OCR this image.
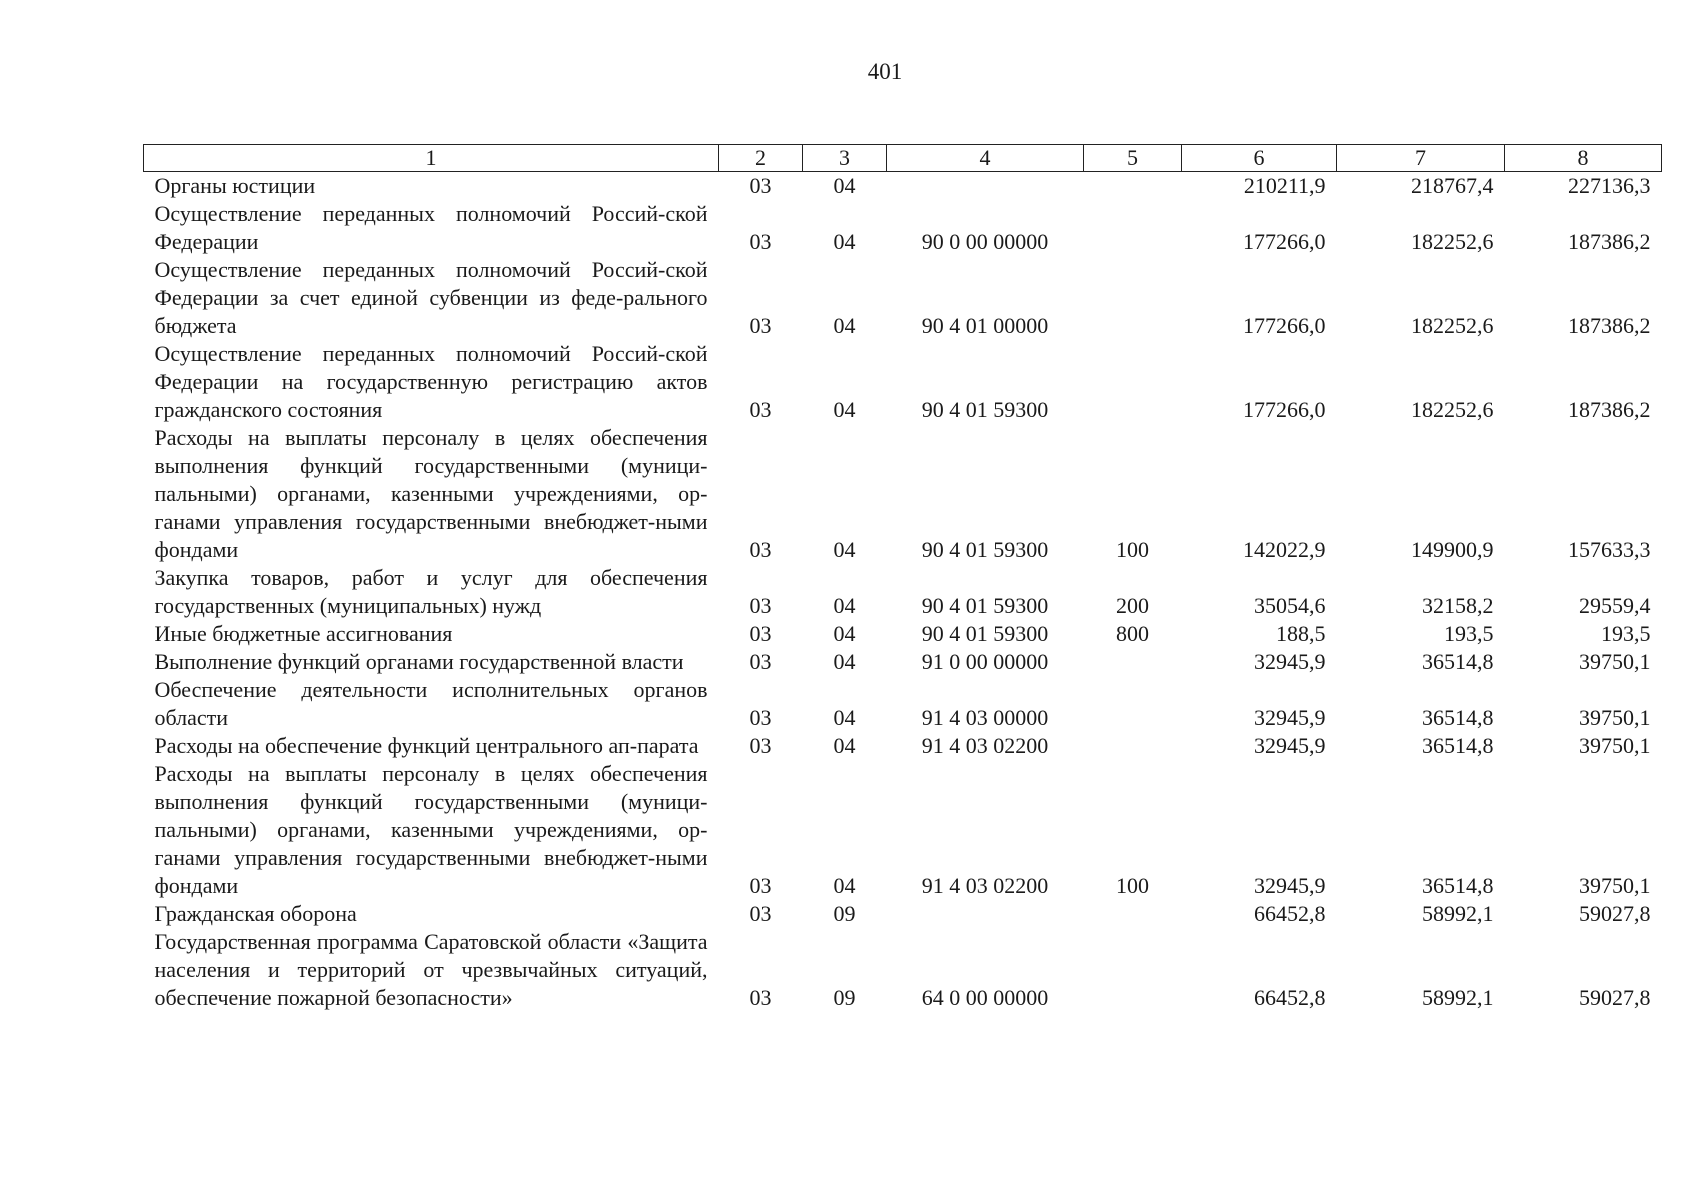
401
1	2	3	4	5	6	7	8
Органы юстиции	03	04			210211,9	218767,4	227136,3
Осуществление переданных полномочий Россий-ской Федерации	03	04	90 0 00 00000		177266,0	182252,6	187386,2
Осуществление переданных полномочий Россий-ской Федерации за счет единой субвенции из феде-рального бюджета	03	04	90 4 01 00000		177266,0	182252,6	187386,2
Осуществление переданных полномочий Россий-ской Федерации на государственную регистрацию актов гражданского состояния	03	04	90 4 01 59300		177266,0	182252,6	187386,2
Расходы на выплаты персоналу в целях обеспечения выполнения функций государственными (муници-пальными) органами, казенными учреждениями, ор-ганами управления государственными внебюджет-ными фондами	03	04	90 4 01 59300	100	142022,9	149900,9	157633,3
Закупка товаров, работ и услуг для обеспечения государственных (муниципальных) нужд	03	04	90 4 01 59300	200	35054,6	32158,2	29559,4
Иные бюджетные ассигнования	03	04	90 4 01 59300	800	188,5	193,5	193,5
Выполнение функций органами государственной власти	03	04	91 0 00 00000		32945,9	36514,8	39750,1
Обеспечение деятельности исполнительных органов области	03	04	91 4 03 00000		32945,9	36514,8	39750,1
Расходы на обеспечение функций центрального ап-парата	03	04	91 4 03 02200		32945,9	36514,8	39750,1
Расходы на выплаты персоналу в целях обеспечения выполнения функций государственными (муници-пальными) органами, казенными учреждениями, ор-ганами управления государственными внебюджет-ными фондами	03	04	91 4 03 02200	100	32945,9	36514,8	39750,1
Гражданская оборона	03	09			66452,8	58992,1	59027,8
Государственная программа Саратовской области «Защита населения и территорий от чрезвычайных ситуаций, обеспечение пожарной безопасности»	03	09	64 0 00 00000		66452,8	58992,1	59027,8
